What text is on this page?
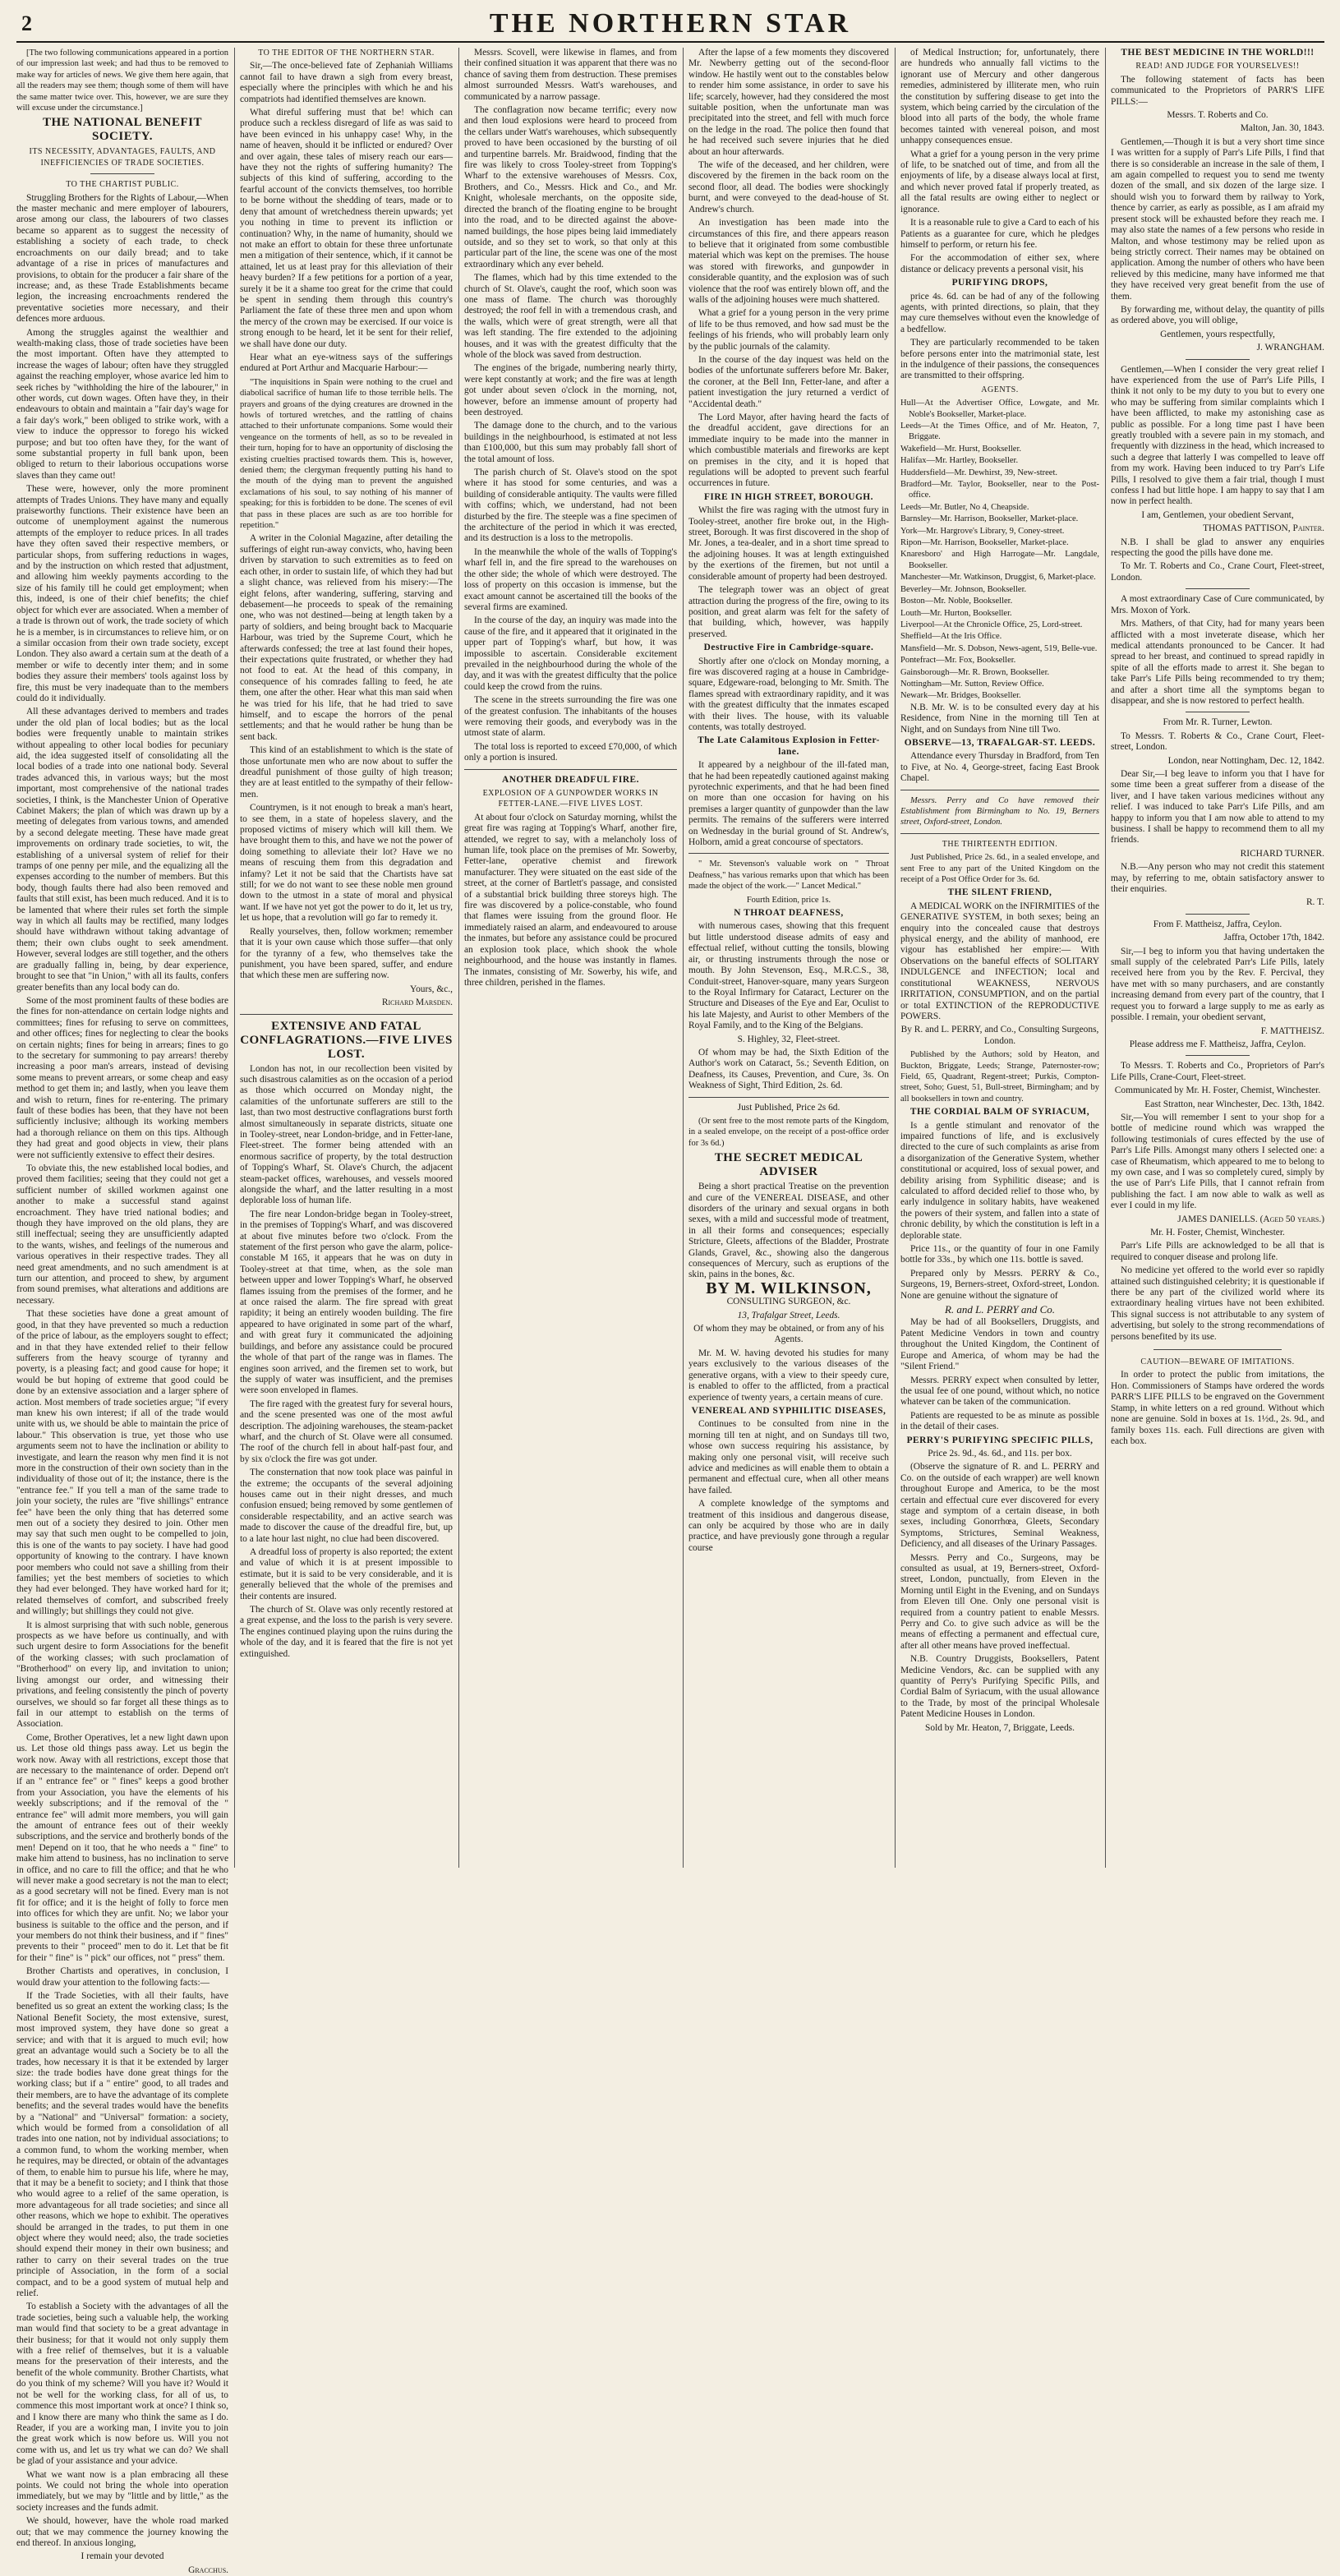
2	THE NORTHERN STAR

[The two following communications appeared in a portion of our impression last week; and had thus to be removed to make way for articles of news. We give them here again, that all the readers may see them; though some of them will have the same matter twice over. This, however, we are sure they will excuse under the circumstance.]

THE NATIONAL BENEFIT SOCIETY.

ITS NECESSITY, ADVANTAGES, FAULTS, AND INEFFICIENCIES OF TRADE SOCIETIES.

TO THE CHARTIST PUBLIC.

Struggling Brothers for the Rights of Labour,—When the master mechanic and mere employer of labourers, arose among our class, the labourers of two classes became so apparent as to suggest the necessity of establishing a society of each trade, to check encroachments on our daily bread; and to take advantage of a rise in prices of manufactures and provisions, to obtain for the producer a fair share of the increase; and, as these Trade Establishments became legion, the increasing encroachments rendered the preventative societies more necessary, and their defences more arduous.

Among the struggles against the wealthier and wealth-making class, those of trade societies have been the most important. Often have they attempted to increase the wages of labour; often have they struggled against the reaching employer, whose avarice led him to seek riches by "withholding the hire of the labourer," in other words, cut down wages. Often have they, in their endeavours to obtain and maintain a "fair day's wage for a fair day's work," been obliged to strike work, with a view to induce the oppressor to forego his wicked purpose; and but too often have they, for the want of some substantial property in full bank upon, been obliged to return to their laborious occupations worse slaves than they came out!

These were, however, only the more prominent attempts of Trades Unions. They have many and equally praiseworthy functions. Their existence have been an outcome of unemployment against the numerous attempts of the employer to reduce prices. In all trades have they often saved their respective members, or particular shops, from suffering reductions in wages, and by the instruction on which rested that adjustment, and allowing him weekly payments according to the size of his family till he could get employment; when this, indeed, is one of their chief benefits; the chief object for which ever are associated. When a member of a trade is thrown out of work, the trade society of which he is a member, is in circumstances to relieve him, or on a similar occasion from their own trade society, except London. They also award a certain sum at the death of a member or wife to decently inter them; and in some bodies they assure their members' tools against loss by fire, this must be very inadequate than to the members could do it individually.

All these advantages derived to members and trades under the old plan of local bodies; but as the local bodies were frequently unable to maintain strikes without appealing to other local bodies for pecuniary aid, the idea suggested itself of consolidating all the local bodies of a trade into one national body. Several trades advanced this, in various ways; but the most important, most comprehensive of the national trades societies, I think, is the Manchester Union of Operative Cabinet Makers; the plan of which was drawn up by a meeting of delegates from various towns, and amended by a second delegate meeting. These have made great improvements on ordinary trade societies, to wit, the establishing of a universal system of relief for their tramps of one penny per mile, and the equalizing all the expenses according to the number of members. But this body, though faults there had also been removed and faults that still exist, has been much reduced. And it is to be lamented that where their rules set forth the simple way in which all faults may be rectified, many lodges should have withdrawn without taking advantage of them; their own clubs ought to seek amendment. However, several lodges are still together, and the others are gradually falling in, being, by dear experience, brought to see that "in Union," with all its faults, confers greater benefits than any local body can do.

Some of the most prominent faults of these bodies are the fines for non-attendance on certain lodge nights and committees; fines for refusing to serve on committees, and other offices; fines for neglecting to clear the books on certain nights; fines for being in arrears; fines to go to the secretary for summoning to pay arrears! thereby increasing a poor man's arrears, instead of devising some means to prevent arrears, or some cheap and easy method to get them in; and lastly, when you leave them and wish to return, fines for re-entering. The primary fault of these bodies has been, that they have not been sufficiently inclusive; although its working members had a thorough reliance on them on this tips. Although they had great and good objects in view, their plans were not sufficiently extensive to effect their desires.

To obviate this, the new established local bodies, and proved them facilities; seeing that they could not get a sufficient number of skilled workmen against one another to make a successful stand against encroachment. They have tried national bodies; and though they have improved on the old plans, they are still ineffectual; seeing they are unsufficiently adapted to the wants, wishes, and feelings of the numerous and various operatives in their respective trades. They all need great amendments, and no such amendment is at turn our attention, and proceed to shew, by argument from sound premises, what alterations and additions are necessary.

That these societies have done a great amount of good, in that they have prevented so much a reduction of the price of labour, as the employers sought to effect; and in that they have extended relief to their fellow sufferers from the heavy scourge of tyranny and poverty, is a pleasing fact; and good cause for hope; it would be but hoping of extreme that good could be done by an extensive association and a larger sphere of action. Most members of trade societies argue; "if every man knew his own interest; if all of the trade would unite with us, we should be able to maintain the price of labour." This observation is true, yet those who use arguments seem not to have the inclination or ability to investigate, and learn the reason why men find it is not more in the construction of their own society than in the individuality of those out of it; the instance, there is the "entrance fee." If you tell a man of the same trade to join your society, the rules are "five shillings" entrance fee" have been the only thing that has deterred some men out of a society they desired to join. Other men may say that such men ought to be compelled to join, this is one of the wants to pay society. I have had good opportunity of knowing to the contrary. I have known poor members who could not save a shilling from their families; yet the best members of societies to which they had ever belonged. They have worked hard for it; related themselves of comfort, and subscribed freely and willingly; but shillings they could not give.

It is almost surprising that with such noble, generous prospects as we have before us continually, and with such urgent desire to form Associations for the benefit of the working classes; with such proclamation of "Brotherhood" on every lip, and invitation to union; living amongst our order, and witnessing their privations, and feeling consistently the pinch of poverty ourselves, we should so far forget all these things as to fail in our attempt to establish on the terms of Association.

Come, Brother Operatives, let a new light dawn upon us. Let those old things pass away. Let us begin the work now. Away with all restrictions, except those that are necessary to the maintenance of order. Depend on't if an " entrance fee" or " fines" keeps a good brother from your Association, you have the elements of his weekly subscriptions; and if the removal of the " entrance fee" will admit more members, you will gain the amount of entrance fees out of their weekly subscriptions, and the service and brotherly bonds of the men! Depend on it too, that he who needs a " fine" to make him attend to business, has no inclination to serve in office, and no care to fill the office; and that he who will never make a good secretary is not the man to elect; as a good secretary will not be fined. Every man is not fit for office; and it is the height of folly to force men into offices for which they are unfit. No; we labor your business is suitable to the office and the person, and if your members do not think their business, and if " fines" prevents to their " proceed" men to do it. Let that be fit for their " fine" is " pick" our offices, not " press" them.

Brother Chartists and operatives, in conclusion, I would draw your attention to the following facts:—

If the Trade Societies, with all their faults, have benefited us so great an extent the working class; Is the National Benefit Society, the most extensive, surest, most improved system, they have done so great a service; and with that it is argued to much evil; how great an advantage would such a Society be to all the trades, how necessary it is that it be extended by larger size: the trade bodies have done great things for the working class; but if a " entire" good, to all trades and their members, are to have the advantage of its complete benefits; and the several trades would have the benefits by a "National" and "Universal" formation: a society, which would be formed from a consolidation of all trades into one nation, not by individual associations; to a common fund, to whom the working member, when he requires, may be directed, or obtain of the advantages of them, to enable him to pursue his life, where he may, that it may be a benefit to society; and I think that those who would agree to a relief of the same operation, is more advantageous for all trade societies; and since all other reasons, which we hope to exhibit. The operatives should be arranged in the trades, to put them in one object where they would need; also, the trade societies should expend their money in their own business; and rather to carry on their several trades on the true principle of Association, in the form of a social compact, and to be a good system of mutual help and relief.

To establish a Society with the advantages of all the trade societies, being such a valuable help, the working man would find that society to be a great advantage in their business; for that it would not only supply them with a free relief of themselves, but it is a valuable means for the preservation of their interests, and the benefit of the whole community. Brother Chartists, what do you think of my scheme? Will you have it? Would it not be well for the working class, for all of us, to commence this most important work at once? I think so, and I know there are many who think the same as I do. Reader, if you are a working man, I invite you to join the great work which is now before us. Will you not come with us, and let us try what we can do? We shall be glad of your assistance and your advice.

What we want now is a plan embracing all these points. We could not bring the whole into operation immediately, but we may by "little and by little," as the society increases and the funds admit.

We should, however, have the whole road marked out; that we may commence the journey knowing the end thereof. In anxious longing,

I remain your devoted

Gracchus.

TO THE EDITOR OF THE NORTHERN STAR.

Sir,—The once-believed fate of Zephaniah Williams cannot fail to have drawn a sigh from every breast, especially where the principles with which he and his compatriots had identified themselves are known.

What direful suffering must that be! which can produce such a reckless disregard of life as was said to have been evinced in his unhappy case! Why, in the name of heaven, should it be inflicted or endured? Over and over again, these tales of misery reach our ears—have they not the rights of suffering humanity? The subjects of this kind of suffering, according to the fearful account of the convicts themselves, too horrible to be borne without the shedding of tears, made or to deny that amount of wretchedness therein upwards; yet you nothing in time to prevent its infliction or continuation? Why, in the name of humanity, should we not make an effort to obtain for these three unfortunate men a mitigation of their sentence, which, if it cannot be attained, let us at least pray for this alleviation of their heavy burden? If a few petitions for a portion of a year, surely it be it a shame too great for the crime that could be spent in sending them through this country's Parliament the fate of these three men and upon whom the mercy of the crown may be exercised. If our voice is strong enough to be heard, let it be sent for their relief, we shall have done our duty.

Hear what an eye-witness says of the sufferings endured at Port Arthur and Macquarie Harbour:—

"The inquisitions in Spain were nothing to the cruel and diabolical sacrifice of human life to those terrible hells. The prayers and groans of the dying creatures are drowned in the howls of tortured wretches, and the rattling of chains attached to their unfortunate companions. Some would their vengeance on the torments of hell, as so to be revealed in their turn, hoping for to have an opportunity of disclosing the existing cruelties practised towards them. This is, however, denied them; the clergyman frequently putting his hand to the mouth of the dying man to prevent the anguished exclamations of his soul, to say nothing of his manner of speaking; for this is forbidden to be done. The scenes of evil that pass in these places are such as are too horrible for repetition."

A writer in the Colonial Magazine, after detailing the sufferings of eight run-away convicts, who, having been driven by starvation to such extremities as to feed on each other, in order to sustain life, of which they had but a slight chance, was relieved from his misery:—The eight felons, after wandering, suffering, starving and debasement—he proceeds to speak of the remaining one, who was not destined—being at length taken by a party of soldiers, and being brought back to Macquarie Harbour, was tried by the Supreme Court, which he afterwards confessed; the tree at last found their hopes, their expectations quite frustrated, or whether they had not food to eat. At the head of this company, in consequence of his comrades falling to feed, he ate them, one after the other. Hear what this man said when he was tried for his life, that he had tried to save himself, and to escape the horrors of the penal settlements; and that he would rather be hung than be sent back.

This kind of an establishment to which is the state of those unfortunate men who are now about to suffer the dreadful punishment of those guilty of high treason; they are at least entitled to the sympathy of their fellow-men.

Countrymen, is it not enough to break a man's heart, to see them, in a state of hopeless slavery, and the proposed victims of misery which will kill them. We have brought them to this, and have we not the power of doing something to alleviate their lot? Have we no means of rescuing them from this degradation and infamy? Let it not be said that the Chartists have sat still; for we do not want to see these noble men ground down to the utmost in a state of moral and physical want. If we have not yet got the power to do it, let us try, let us hope, that a revolution will go far to remedy it.

Really yourselves, then, follow workmen; remember that it is your own cause which those suffer—that only for the tyranny of a few, who themselves take the punishment, you have been spared, suffer, and endure that which these men are suffering now.

Yours, &c.,

Richard Marsden.

EXTENSIVE AND FATAL CONFLAGRATIONS.—FIVE LIVES LOST.

London has not, in our recollection been visited by such disastrous calamities as on the occasion of a period as those which occurred on Monday night, the calamities of the unfortunate sufferers are still to the last, than two most destructive conflagrations burst forth almost simultaneously in separate districts, situate one in Tooley-street, near London-bridge, and in Fetter-lane, Fleet-street. The former being attended with an enormous sacrifice of property, by the total destruction of Topping's Wharf, St. Olave's Church, the adjacent steam-packet offices, warehouses, and vessels moored alongside the wharf, and the latter resulting in a most deplorable loss of human life.

The fire near London-bridge began in Tooley-street, in the premises of Topping's Wharf, and was discovered at about five minutes before two o'clock. From the statement of the first person who gave the alarm, police-constable M 165, it appears that he was on duty in Tooley-street at that time, when, as the sole man between upper and lower Topping's Wharf, he observed flames issuing from the premises of the former, and he at once raised the alarm. The fire spread with great rapidity; it being an entirely wooden building. The fire appeared to have originated in some part of the wharf, and with great fury it communicated the adjoining buildings, and before any assistance could be procured the whole of that part of the range was in flames. The engines soon arrived, and the firemen set to work, but the supply of water was insufficient, and the premises were soon enveloped in flames.

The fire raged with the greatest fury for several hours, and the scene presented was one of the most awful description. The adjoining warehouses, the steam-packet wharf, and the church of St. Olave were all consumed. The roof of the church fell in about half-past four, and by six o'clock the fire was got under.

The consternation that now took place was painful in the extreme; the occupants of the several adjoining houses came out in their night dresses, and much confusion ensued; being removed by some gentlemen of considerable respectability, and an active search was made to discover the cause of the dreadful fire, but, up to a late hour last night, no clue had been discovered.

A dreadful loss of property is also reported; the extent and value of which it is at present impossible to estimate, but it is said to be very considerable, and it is generally believed that the whole of the premises and their contents are insured.

The church of St. Olave was only recently restored at a great expense, and the loss to the parish is very severe. The engines continued playing upon the ruins during the whole of the day, and it is feared that the fire is not yet extinguished.

Messrs. Scovell, were likewise in flames, and from their confined situation it was apparent that there was no chance of saving them from destruction. These premises almost surrounded Messrs. Watt's warehouses, and communicated by a narrow passage.

The conflagration now became terrific; every now and then loud explosions were heard to proceed from the cellars under Watt's warehouses, which subsequently proved to have been occasioned by the bursting of oil and turpentine barrels. Mr. Braidwood, finding that the fire was likely to cross Tooley-street from Topping's Wharf to the extensive warehouses of Messrs. Cox, Brothers, and Co., Messrs. Hick and Co., and Mr. Knight, wholesale merchants, on the opposite side, directed the branch of the floating engine to be brought into the road, and to be directed against the above-named buildings, the hose pipes being laid immediately outside, and so they set to work, so that only at this particular part of the line, the scene was one of the most extraordinary which any ever beheld.

The flames, which had by this time extended to the church of St. Olave's, caught the roof, which soon was one mass of flame. The church was thoroughly destroyed; the roof fell in with a tremendous crash, and the walls, which were of great strength, were all that was left standing. The fire extended to the adjoining houses, and it was with the greatest difficulty that the whole of the block was saved from destruction.

The engines of the brigade, numbering nearly thirty, were kept constantly at work; and the fire was at length got under about seven o'clock in the morning, not, however, before an immense amount of property had been destroyed.

The damage done to the church, and to the various buildings in the neighbourhood, is estimated at not less than £100,000, but this sum may probably fall short of the total amount of loss.

The parish church of St. Olave's stood on the spot where it has stood for some centuries, and was a building of considerable antiquity. The vaults were filled with coffins; which, we understand, had not been disturbed by the fire. The steeple was a fine specimen of the architecture of the period in which it was erected, and its destruction is a loss to the metropolis.

In the meanwhile the whole of the walls of Topping's wharf fell in, and the fire spread to the warehouses on the other side; the whole of which were destroyed. The loss of property on this occasion is immense, but the exact amount cannot be ascertained till the books of the several firms are examined.

In the course of the day, an inquiry was made into the cause of the fire, and it appeared that it originated in the upper part of Topping's wharf, but how, it was impossible to ascertain. Considerable excitement prevailed in the neighbourhood during the whole of the day, and it was with the greatest difficulty that the police could keep the crowd from the ruins.

The scene in the streets surrounding the fire was one of the greatest confusion. The inhabitants of the houses were removing their goods, and everybody was in the utmost state of alarm.

The total loss is reported to exceed £70,000, of which only a portion is insured.

ANOTHER DREADFUL FIRE.

EXPLOSION OF A GUNPOWDER WORKS IN FETTER-LANE.—FIVE LIVES LOST.

At about four o'clock on Saturday morning, whilst the great fire was raging at Topping's Wharf, another fire, attended, we regret to say, with a melancholy loss of human life, took place on the premises of Mr. Sowerby, Fetter-lane, operative chemist and firework manufacturer. They were situated on the east side of the street, at the corner of Bartlett's passage, and consisted of a substantial brick building three storeys high. The fire was discovered by a police-constable, who found that flames were issuing from the ground floor. He immediately raised an alarm, and endeavoured to arouse the inmates, but before any assistance could be procured an explosion took place, which shook the whole neighbourhood, and the house was instantly in flames. The inmates, consisting of Mr. Sowerby, his wife, and three children, perished in the flames.

After the lapse of a few moments they discovered Mr. Newberry getting out of the second-floor window. He hastily went out to the constables below to render him some assistance, in order to save his life; scarcely, however, had they considered the most suitable position, when the unfortunate man was precipitated into the street, and fell with much force on the ledge in the road. The police then found that he had received such severe injuries that he died about an hour afterwards.

The wife of the deceased, and her children, were discovered by the firemen in the back room on the second floor, all dead. The bodies were shockingly burnt, and were conveyed to the dead-house of St. Andrew's church.

An investigation has been made into the circumstances of this fire, and there appears reason to believe that it originated from some combustible material which was kept on the premises. The house was stored with fireworks, and gunpowder in considerable quantity, and the explosion was of such violence that the roof was entirely blown off, and the walls of the adjoining houses were much shattered.

What a grief for a young person in the very prime of life to be thus removed, and how sad must be the feelings of his friends, who will probably learn only by the public journals of the calamity.

In the course of the day inquest was held on the bodies of the unfortunate sufferers before Mr. Baker, the coroner, at the Bell Inn, Fetter-lane, and after a patient investigation the jury returned a verdict of "Accidental death."

The Lord Mayor, after having heard the facts of the dreadful accident, gave directions for an immediate inquiry to be made into the manner in which combustible materials and fireworks are kept on premises in the city, and it is hoped that regulations will be adopted to prevent such fearful occurrences in future.

FIRE IN HIGH STREET, BOROUGH.

Whilst the fire was raging with the utmost fury in Tooley-street, another fire broke out, in the High-street, Borough. It was first discovered in the shop of Mr. Jones, a tea-dealer, and in a short time spread to the adjoining houses. It was at length extinguished by the exertions of the firemen, but not until a considerable amount of property had been destroyed.

The telegraph tower was an object of great attraction during the progress of the fire, owing to its position, and great alarm was felt for the safety of that building, which, however, was happily preserved.

Destructive Fire in Cambridge-square.

Shortly after one o'clock on Monday morning, a fire was discovered raging at a house in Cambridge-square, Edgeware-road, belonging to Mr. Smith. The flames spread with extraordinary rapidity, and it was with the greatest difficulty that the inmates escaped with their lives. The house, with its valuable contents, was totally destroyed.

The Late Calamitous Explosion in Fetter-lane.

It appeared by a neighbour of the ill-fated man, that he had been repeatedly cautioned against making pyrotechnic experiments, and that he had been fined on more than one occasion for having on his premises a larger quantity of gunpowder than the law permits. The remains of the sufferers were interred on Wednesday in the burial ground of St. Andrew's, Holborn, amid a great concourse of spectators.

" Mr. Stevenson's valuable work on " Throat Deafness," has various remarks upon that which has been made the object of the work.—" Lancet Medical."

Fourth Edition, price 1s.

N THROAT DEAFNESS,

with numerous cases, showing that this frequent but little understood disease admits of easy and effectual relief, without cutting the tonsils, blowing air, or thrusting instruments through the nose or mouth. By John Stevenson, Esq., M.R.C.S., 38, Conduit-street, Hanover-square, many years Surgeon to the Royal Infirmary for Cataract, Lecturer on the Structure and Diseases of the Eye and Ear, Oculist to his late Majesty, and Aurist to other Members of the Royal Family, and to the King of the Belgians.

S. Highley, 32, Fleet-street.

Of whom may be had, the Sixth Edition of the Author's work on Cataract, 5s.; Seventh Edition, on Deafness, its Causes, Prevention, and Cure, 3s. On Weakness of Sight, Third Edition, 2s. 6d.

Just Published, Price 2s 6d.

(Or sent free to the most remote parts of the Kingdom, in a sealed envelope, on the receipt of a post-office order for 3s 6d.)

THE SECRET MEDICAL ADVISER

Being a short practical Treatise on the prevention and cure of the VENEREAL DISEASE, and other disorders of the urinary and sexual organs in both sexes, with a mild and successful mode of treatment, in all their forms and consequences; especially Stricture, Gleets, affections of the Bladder, Prostrate Glands, Gravel, &c., showing also the dangerous consequences of Mercury, such as eruptions of the skin, pains in the bones, &c.

BY M. WILKINSON,

CONSULTING SURGEON, &c.

13, Trafalgar Street, Leeds.

Of whom they may be obtained, or from any of his Agents.

Mr. M. W. having devoted his studies for many years exclusively to the various diseases of the generative organs, with a view to their speedy cure, is enabled to offer to the afflicted, from a practical experience of twenty years, a certain means of cure.

VENEREAL AND SYPHILITIC DISEASES,

Continues to be consulted from nine in the morning till ten at night, and on Sundays till two, whose own success requiring his assistance, by making only one personal visit, will receive such advice and medicines as will enable them to obtain a permanent and effectual cure, when all other means have failed.

A complete knowledge of the symptoms and treatment of this insidious and dangerous disease, can only be acquired by those who are in daily practice, and have previously gone through a regular course

of Medical Instruction; for, unfortunately, there are hundreds who annually fall victims to the ignorant use of Mercury and other dangerous remedies, administered by illiterate men, who ruin the constitution by suffering disease to get into the system, which being carried by the circulation of the blood into all parts of the body, the whole frame becomes tainted with venereal poison, and most unhappy consequences ensue.

What a grief for a young person in the very prime of life, to be snatched out of time, and from all the enjoyments of life, by a disease always local at first, and which never proved fatal if properly treated, as all the fatal results are owing either to neglect or ignorance.

It is a reasonable rule to give a Card to each of his Patients as a guarantee for cure, which he pledges himself to perform, or return his fee.

For the accommodation of either sex, where distance or delicacy prevents a personal visit, his

PURIFYING DROPS,

price 4s. 6d. can be had of any of the following agents, with printed directions, so plain, that they may cure themselves without even the knowledge of a bedfellow.

They are particularly recommended to be taken before persons enter into the matrimonial state, lest in the indulgence of their passions, the consequences are transmitted to their offspring.

AGENTS.

Hull—At the Advertiser Office, Lowgate, and Mr. Noble's Bookseller, Market-place.

Leeds—At the Times Office, and of Mr. Heaton, 7, Briggate.

Wakefield—Mr. Hurst, Bookseller.

Halifax—Mr. Hartley, Bookseller.

Huddersfield—Mr. Dewhirst, 39, New-street.

Bradford—Mr. Taylor, Bookseller, near to the Post-office.

Leeds—Mr. Butler, No 4, Cheapside.

Barnsley—Mr. Harrison, Bookseller, Market-place.

York—Mr. Hargrove's Library, 9, Coney-street.

Ripon—Mr. Harrison, Bookseller, Market-place.

Knaresboro' and High Harrogate—Mr. Langdale, Bookseller.

Manchester—Mr. Watkinson, Druggist, 6, Market-place.

Beverley—Mr. Johnson, Bookseller.

Boston—Mr. Noble, Bookseller.

Louth—Mr. Hurton, Bookseller.

Liverpool—At the Chronicle Office, 25, Lord-street.

Sheffield—At the Iris Office.

Mansfield—Mr. S. Dobson, News-agent, 519, Belle-vue.

Pontefract—Mr. Fox, Bookseller.

Gainsborough—Mr. R. Brown, Bookseller.

Nottingham—Mr. Sutton, Review Office.

Newark—Mr. Bridges, Bookseller.

N.B. Mr. W. is to be consulted every day at his Residence, from Nine in the morning till Ten at Night, and on Sundays from Nine till Two.

OBSERVE—13, TRAFALGAR-ST. LEEDS.

Attendance every Thursday in Bradford, from Ten to Five, at No. 4, George-street, facing East Brook Chapel.

Messrs. Perry and Co have removed their Establishment from Birmingham to No. 19, Berners street, Oxford-street, London.

THE THIRTEENTH EDITION.

Just Published, Price 2s. 6d., in a sealed envelope, and sent Free to any part of the United Kingdom on the receipt of a Post Office Order for 3s. 6d.

THE SILENT FRIEND,

A MEDICAL WORK on the INFIRMITIES of the GENERATIVE SYSTEM, in both sexes; being an enquiry into the concealed cause that destroys physical energy, and the ability of manhood, ere vigour has established her empire:— With Observations on the baneful effects of SOLITARY INDULGENCE and INFECTION; local and constitutional WEAKNESS, NERVOUS IRRITATION, CONSUMPTION, and on the partial or total EXTINCTION of the REPRODUCTIVE POWERS.

By R. and L. PERRY, and Co., Consulting Surgeons, London.

Published by the Authors; sold by Heaton, and Buckton, Briggate, Leeds; Strange, Paternoster-row; Field, 65, Quadrant, Regent-street; Purkis, Compton-street, Soho; Guest, 51, Bull-street, Birmingham; and by all booksellers in town and country.

THE CORDIAL BALM OF SYRIACUM,

Is a gentle stimulant and renovator of the impaired functions of life, and is exclusively directed to the cure of such complaints as arise from a disorganization of the Generative System, whether constitutional or acquired, loss of sexual power, and debility arising from Syphilitic disease; and is calculated to afford decided relief to those who, by early indulgence in solitary habits, have weakened the powers of their system, and fallen into a state of chronic debility, by which the constitution is left in a deplorable state.

Price 11s., or the quantity of four in one Family bottle for 33s., by which one 11s. bottle is saved.

Prepared only by Messrs. PERRY & Co., Surgeons, 19, Berners-street, Oxford-street, London. None are genuine without the signature of

R. and L. PERRY and Co.

May be had of all Booksellers, Druggists, and Patent Medicine Vendors in town and country throughout the United Kingdom, the Continent of Europe and America, of whom may be had the "Silent Friend."

Messrs. PERRY expect when consulted by letter, the usual fee of one pound, without which, no notice whatever can be taken of the communication.

Patients are requested to be as minute as possible in the detail of their cases.

PERRY'S PURIFYING SPECIFIC PILLS,

Price 2s. 9d., 4s. 6d., and 11s. per box.

(Observe the signature of R. and L. PERRY and Co. on the outside of each wrapper) are well known throughout Europe and America, to be the most certain and effectual cure ever discovered for every stage and symptom of a certain disease, in both sexes, including Gonorrhœa, Gleets, Secondary Symptoms, Strictures, Seminal Weakness, Deficiency, and all diseases of the Urinary Passages.

Messrs. Perry and Co., Surgeons, may be consulted as usual, at 19, Berners-street, Oxford-street, London, punctually, from Eleven in the Morning until Eight in the Evening, and on Sundays from Eleven till One. Only one personal visit is required from a country patient to enable Messrs. Perry and Co. to give such advice as will be the means of effecting a permanent and effectual cure, after all other means have proved ineffectual.

N.B. Country Druggists, Booksellers, Patent Medicine Vendors, &c. can be supplied with any quantity of Perry's Purifying Specific Pills, and Cordial Balm of Syriacum, with the usual allowance to the Trade, by most of the principal Wholesale Patent Medicine Houses in London.

Sold by Mr. Heaton, 7, Briggate, Leeds.

THE BEST MEDICINE IN THE WORLD!!!

READ! AND JUDGE FOR YOURSELVES!!

The following statement of facts has been communicated to the Proprietors of PARR'S LIFE PILLS:—

Messrs. T. Roberts and Co.

Malton, Jan. 30, 1843.

Gentlemen,—Though it is but a very short time since I was written for a supply of Parr's Life Pills, I find that there is so considerable an increase in the sale of them, I am again compelled to request you to send me twenty dozen of the small, and six dozen of the large size. I should wish you to forward them by railway to York, thence by carrier, as early as possible, as I am afraid my present stock will be exhausted before they reach me. I may also state the names of a few persons who reside in Malton, and whose testimony may be relied upon as being strictly correct. Their names may be obtained on application. Among the number of others who have been relieved by this medicine, many have informed me that they have received very great benefit from the use of them.

By forwarding me, without delay, the quantity of pills as ordered above, you will oblige,

Gentlemen, yours respectfully,

J. WRANGHAM.

Gentlemen,—When I consider the very great relief I have experienced from the use of Parr's Life Pills, I think it not only to be my duty to you but to every one who may be suffering from similar complaints which I have been afflicted, to make my astonishing case as public as possible. For a long time past I have been greatly troubled with a severe pain in my stomach, and frequently with dizziness in the head, which increased to such a degree that latterly I was compelled to leave off from my work. Having been induced to try Parr's Life Pills, I resolved to give them a fair trial, though I must confess I had but little hope. I am happy to say that I am now in perfect health.

I am, Gentlemen, your obedient Servant,

THOMAS PATTISON, Painter.

N.B. I shall be glad to answer any enquiries respecting the good the pills have done me.

To Mr. T. Roberts and Co., Crane Court, Fleet-street, London.

A most extraordinary Case of Cure communicated, by Mrs. Moxon of York.

Mrs. Mathers, of that City, had for many years been afflicted with a most inveterate disease, which her medical attendants pronounced to be Cancer. It had spread to her breast, and continued to spread rapidly in spite of all the efforts made to arrest it. She began to take Parr's Life Pills being recommended to try them; and after a short time all the symptoms began to disappear, and she is now restored to perfect health.

From Mr. R. Turner, Lewton.

To Messrs. T. Roberts & Co., Crane Court, Fleet-street, London.

London, near Nottingham, Dec. 12, 1842.

Dear Sir,—I beg leave to inform you that I have for some time been a great sufferer from a disease of the liver, and I have taken various medicines without any relief. I was induced to take Parr's Life Pills, and am happy to inform you that I am now able to attend to my business. I shall be happy to recommend them to all my friends.

RICHARD TURNER.

N.B.—Any person who may not credit this statement may, by referring to me, obtain satisfactory answer to their enquiries.

R. T.

From F. Mattheisz, Jaffra, Ceylon.

Jaffra, October 17th, 1842.

Sir,—I beg to inform you that having undertaken the small supply of the celebrated Parr's Life Pills, lately received here from you by the Rev. F. Percival, they have met with so many purchasers, and are constantly increasing demand from every part of the country, that I request you to forward a large supply to me as early as possible. I remain, your obedient servant,

F. MATTHEISZ.

Please address me F. Mattheisz, Jaffra, Ceylon.

To Messrs. T. Roberts and Co., Proprietors of Parr's Life Pills, Crane-Court, Fleet-street.

Communicated by Mr. H. Foster, Chemist, Winchester.

East Stratton, near Winchester, Dec. 13th, 1842.

Sir,—You will remember I sent to your shop for a bottle of medicine round which was wrapped the following testimonials of cures effected by the use of Parr's Life Pills. Amongst many others I selected one: a case of Rheumatism, which appeared to me to belong to my own case, and I was so completely cured, simply by the use of Parr's Life Pills, that I cannot refrain from publishing the fact. I am now able to walk as well as ever I could in my life.

JAMES DANIELLS. (Aged 50 years.)

Mr. H. Foster, Chemist, Winchester.

Parr's Life Pills are acknowledged to be all that is required to conquer disease and prolong life.

No medicine yet offered to the world ever so rapidly attained such distinguished celebrity; it is questionable if there be any part of the civilized world where its extraordinary healing virtues have not been exhibited. This signal success is not attributable to any system of advertising, but solely to the strong recommendations of persons benefited by its use.

CAUTION—BEWARE OF IMITATIONS.

In order to protect the public from imitations, the Hon. Commissioners of Stamps have ordered the words PARR'S LIFE PILLS to be engraved on the Government Stamp, in white letters on a red ground. Without which none are genuine. Sold in boxes at 1s. 1½d., 2s. 9d., and family boxes 11s. each. Full directions are given with each box.
